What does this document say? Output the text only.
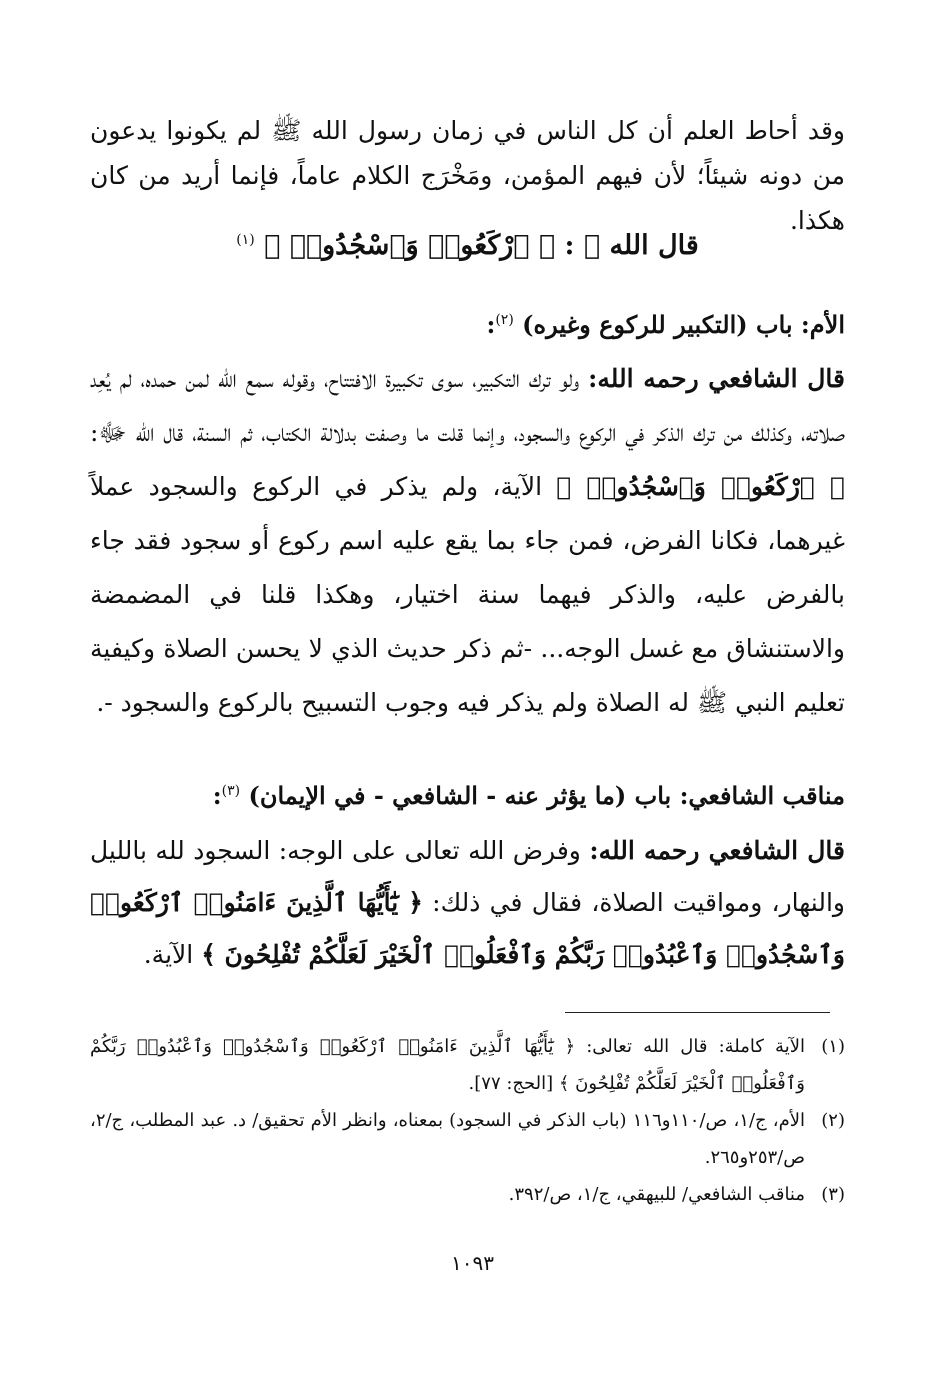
وقد أحاط العلم أن كل الناس في زمان رسول الله ﷺ لم يكونوا يدعون من دونه شيئاً؛ لأن فيهم المؤمن، ومَخْرَج الكلام عاماً، فإنما أريد من كان هكذا.
قال الله ﷻ : ﴿ ٱرْكَعُوا۟ وَٱسْجُدُوا۟ ﴾ $^{(١)}$
الأم: باب (التكبير للركوع وغيره) $^{(٢)}$:
قال الشافعي رحمه الله: ولو ترك التكبير، سوى تكبيرة الافتتاح، وقوله سمع الله لمن حمده، لم يُعِد صلاته، وكذلك من ترك الذكر في الركوع والسجود، وإنما قلت ما وصفت بدلالة الكتاب، ثم السنة، قال الله ﷻ: ﴿ ٱرْكَعُوا۟ وَٱسْجُدُوا۟ ﴾ الآية، ولم يذكر في الركوع والسجود عملاً غيرهما، فكانا الفرض، فمن جاء بما يقع عليه اسم ركوع أو سجود فقد جاء بالفرض عليه، والذكر فيهما سنة اختيار، وهكذا قلنا في المضمضة والاستنشاق مع غسل الوجه... -ثم ذكر حديث الذي لا يحسن الصلاة وكيفية تعليم النبي ﷺ له الصلاة ولم يذكر فيه وجوب التسبيح بالركوع والسجود -.
مناقب الشافعي: باب (ما يؤثر عنه - الشافعي - في الإيمان) $^{(٣)}$:
قال الشافعي رحمه الله: وفرض الله تعالى على الوجه: السجود لله بالليل والنهار، ومواقيت الصلاة، فقال في ذلك: ﴿ يَٰٓأَيُّهَا ٱلَّذِينَ ءَامَنُوا۟ ٱرْكَعُوا۟ وَٱسْجُدُوا۟ وَٱعْبُدُوا۟ رَبَّكُمْ وَٱفْعَلُوا۟ ٱلْخَيْرَ لَعَلَّكُمْ تُفْلِحُونَ ﴾ الآية.
(١)
الآية كاملة: قال الله تعالى: ﴿ يَٰٓأَيُّهَا ٱلَّذِينَ ءَامَنُوا۟ ٱرْكَعُوا۟ وَٱسْجُدُوا۟ وَٱعْبُدُوا۟ رَبَّكُمْ وَٱفْعَلُوا۟ ٱلْخَيْرَ لَعَلَّكُمْ تُفْلِحُونَ ﴾ [الحج: ٧٧].
(٢)
الأم، ج/١، ص/١١٠و١١٦ (باب الذكر في السجود) بمعناه، وانظر الأم تحقيق/ د. عبد المطلب، ج/٢، ص/٢٥٣و٢٦٥.
(٣)
مناقب الشافعي/ للبيهقي، ج/١، ص/٣٩٢.
١٠٩٣
